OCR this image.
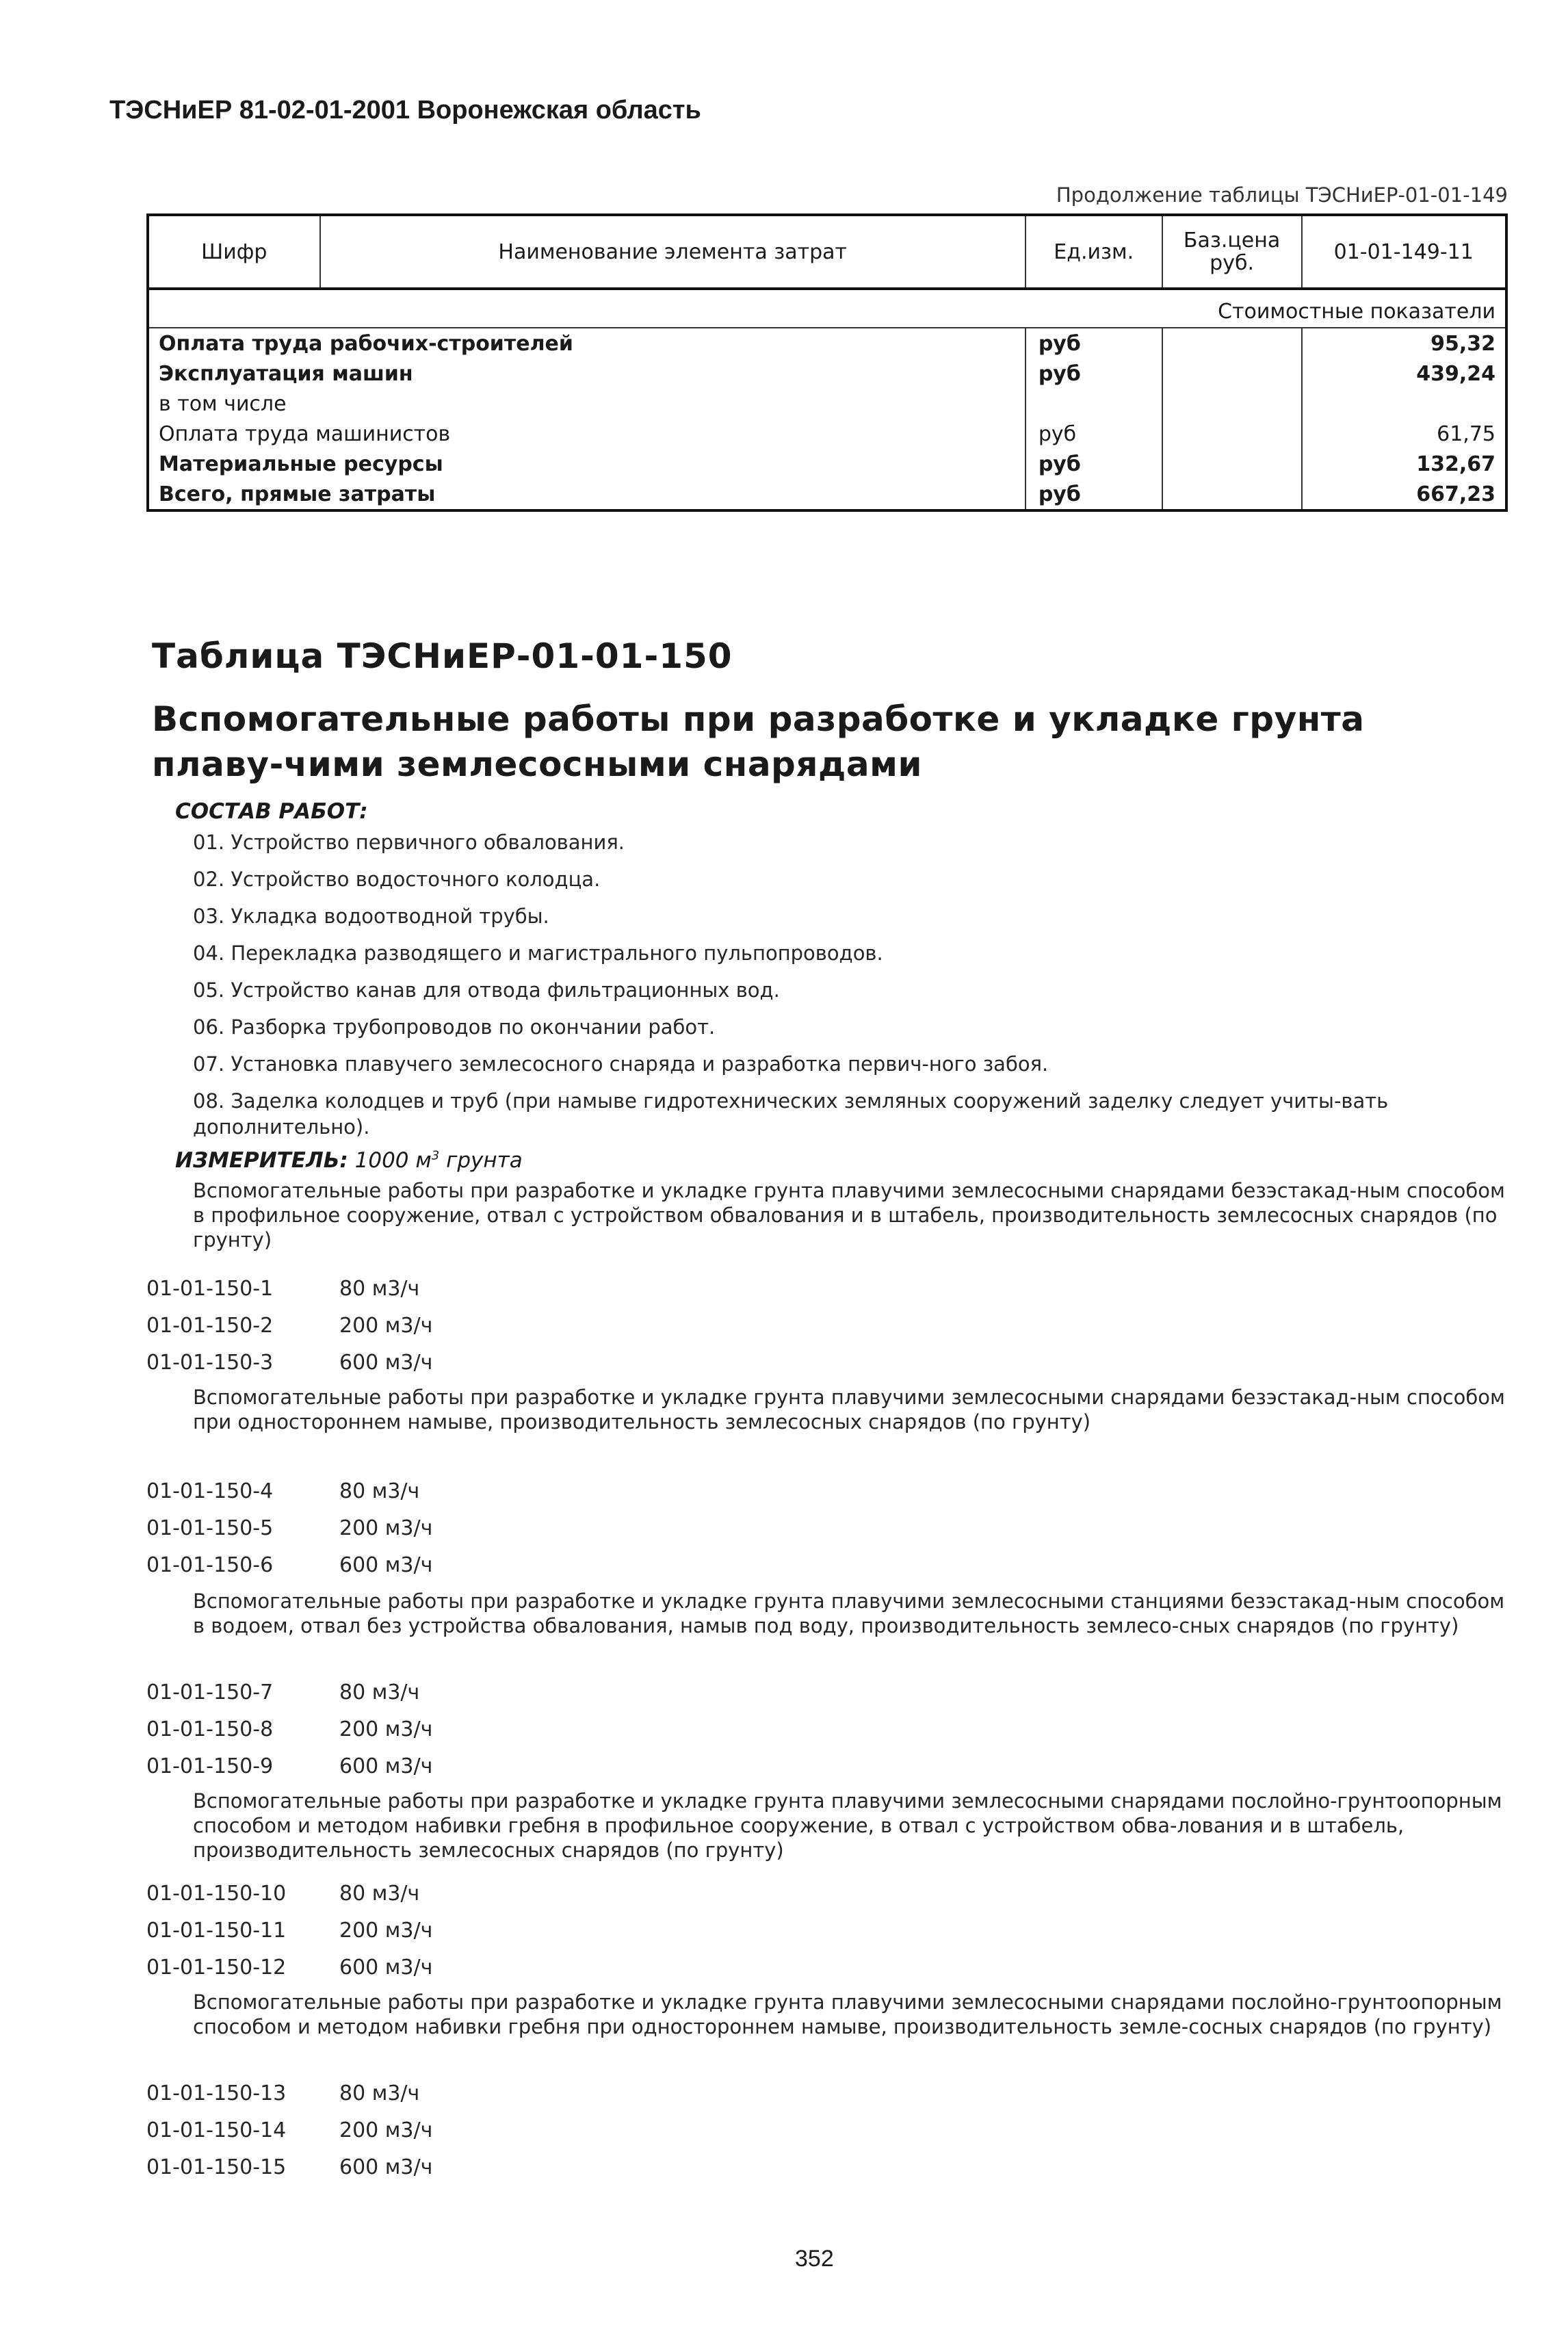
ТЭСНиЕР 81-02-01-2001 Воронежская область
Продолжение таблицы ТЭСНиЕР-01-01-149
Шифр	Наименование элемента затрат	Ед.изм.	Баз.цена руб.	01-01-149-11
Стоимостные показатели				
Оплата труда рабочих-строителей		руб		95,32
Эксплуатация машин		руб		439,24
в том числе				
Оплата труда машинистов		руб		61,75
Материальные ресурсы		руб		132,67
Всего, прямые затраты		руб		667,23
Таблица ТЭСНиЕР-01-01-150
Вспомогательные работы при разработке и укладке грунта плаву-чими землесосными снарядами
СОСТАВ РАБОТ:
01. Устройство первичного обвалования.
02. Устройство водосточного колодца.
03. Укладка водоотводной трубы.
04. Перекладка разводящего и магистрального пульпопроводов.
05. Устройство канав для отвода фильтрационных вод.
06. Разборка трубопроводов по окончании работ.
07. Установка плавучего землесосного снаряда и разработка первич-ного забоя.
08. Заделка колодцев и труб (при намыве гидротехнических земляных сооружений заделку следует учиты-вать дополнительно).
ИЗМЕРИТЕЛЬ: 1000 $м^3$ грунта
Вспомогательные работы при разработке и укладке грунта плавучими землесосными снарядами безэстакад-ным способом в профильное сооружение, отвал с устройством обвалования и в штабель, производительность землесосных снарядов (по грунту)
01-01-150-1	80 м3/ч
01-01-150-2	200 м3/ч
01-01-150-3	600 м3/ч
Вспомогательные работы при разработке и укладке грунта плавучими землесосными снарядами безэстакад-ным способом при одностороннем намыве, производительность землесосных снарядов (по грунту)
01-01-150-4	80 м3/ч
01-01-150-5	200 м3/ч
01-01-150-6	600 м3/ч
Вспомогательные работы при разработке и укладке грунта плавучими землесосными станциями безэстакад-ным способом в водоем, отвал без устройства обвалования, намыв под воду, производительность землесо-сных снарядов (по грунту)
01-01-150-7	80 м3/ч
01-01-150-8	200 м3/ч
01-01-150-9	600 м3/ч
Вспомогательные работы при разработке и укладке грунта плавучими землесосными снарядами послойно-грунтоопорным способом и методом набивки гребня в профильное сооружение, в отвал с устройством обва-лования и в штабель, производительность землесосных снарядов (по грунту)
01-01-150-10	80 м3/ч
01-01-150-11	200 м3/ч
01-01-150-12	600 м3/ч
Вспомогательные работы при разработке и укладке грунта плавучими землесосными снарядами послойно-грунтоопорным способом и методом набивки гребня при одностороннем намыве, производительность земле-сосных снарядов (по грунту)
01-01-150-13	80 м3/ч
01-01-150-14	200 м3/ч
01-01-150-15	600 м3/ч
352
